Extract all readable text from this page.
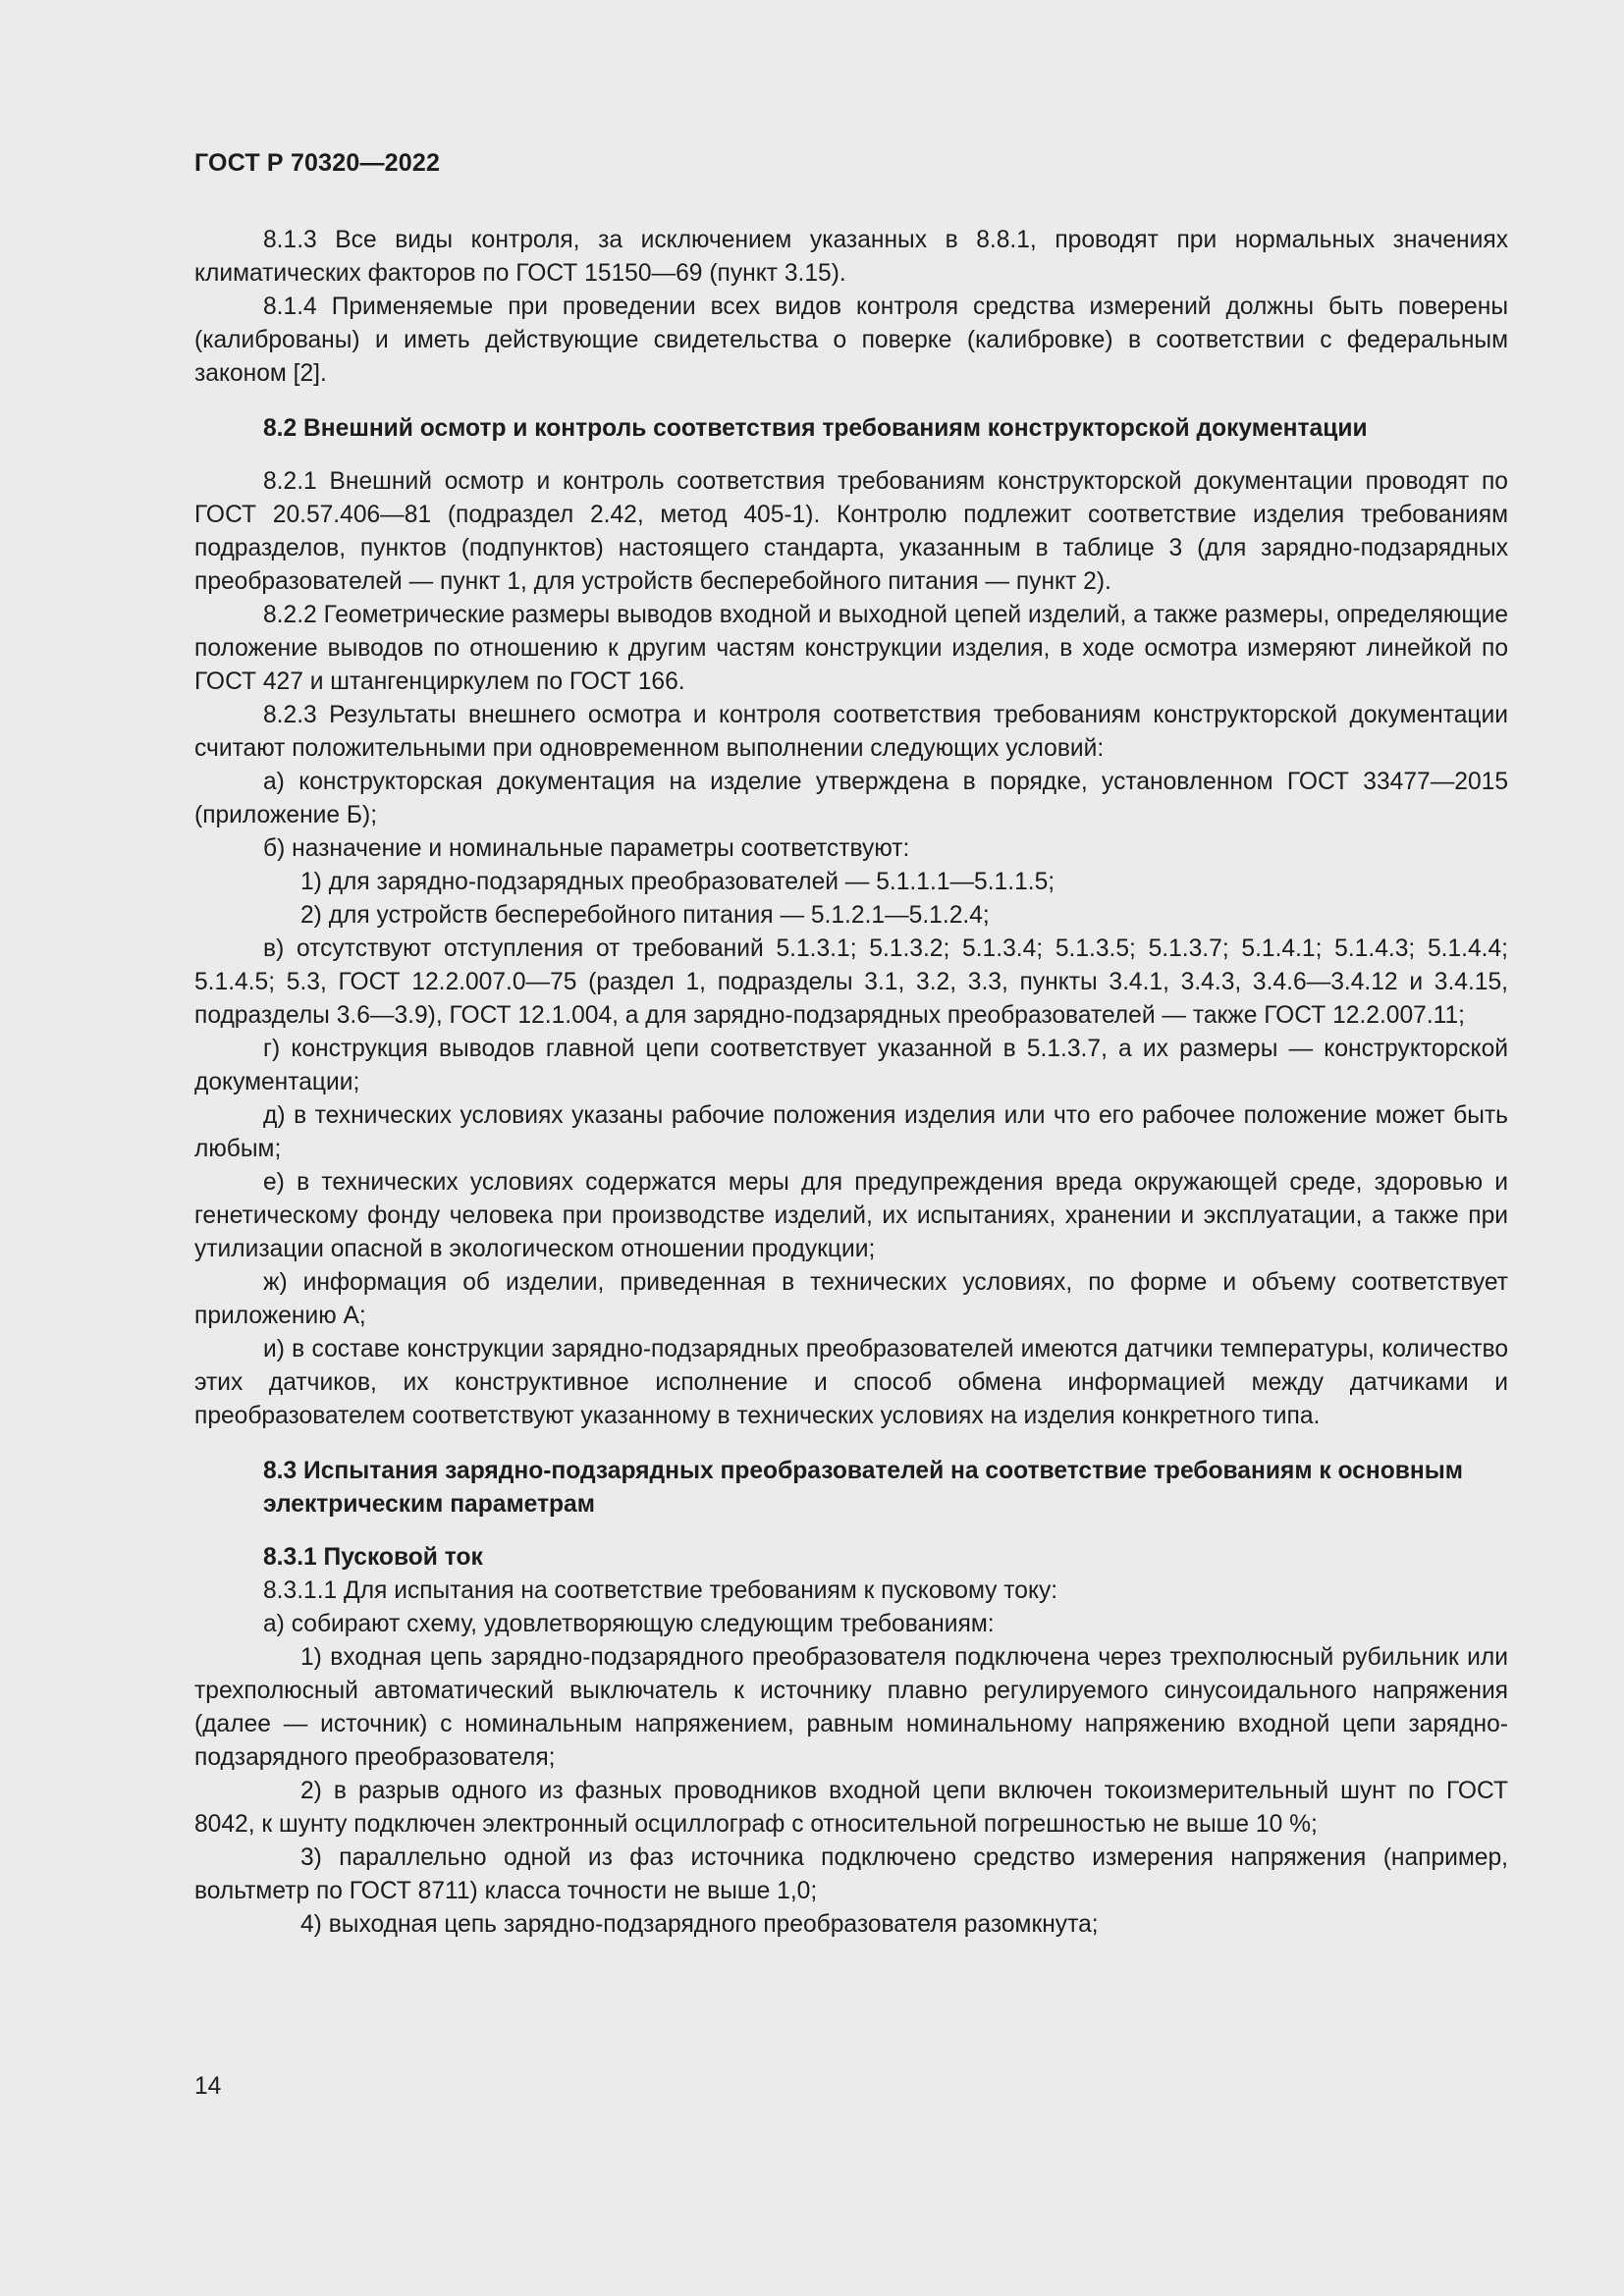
ГОСТ Р 70320—2022

8.1.3 Все виды контроля, за исключением указанных в 8.8.1, проводят при нормальных значениях климатических факторов по ГОСТ 15150—69 (пункт 3.15).

8.1.4 Применяемые при проведении всех видов контроля средства измерений должны быть поверены (калиброваны) и иметь действующие свидетельства о поверке (калибровке) в соответствии с федеральным законом [2].

8.2 Внешний осмотр и контроль соответствия требованиям конструкторской документации

8.2.1 Внешний осмотр и контроль соответствия требованиям конструкторской документации проводят по ГОСТ 20.57.406—81 (подраздел 2.42, метод 405-1). Контролю подлежит соответствие изделия требованиям подразделов, пунктов (подпунктов) настоящего стандарта, указанным в таблице 3 (для зарядно-подзарядных преобразователей — пункт 1, для устройств бесперебойного питания — пункт 2).

8.2.2 Геометрические размеры выводов входной и выходной цепей изделий, а также размеры, определяющие положение выводов по отношению к другим частям конструкции изделия, в ходе осмотра измеряют линейкой по ГОСТ 427 и штангенциркулем по ГОСТ 166.

8.2.3 Результаты внешнего осмотра и контроля соответствия требованиям конструкторской документации считают положительными при одновременном выполнении следующих условий:

а) конструкторская документация на изделие утверждена в порядке, установленном ГОСТ 33477—2015 (приложение Б);

б) назначение и номинальные параметры соответствуют:

1) для зарядно-подзарядных преобразователей — 5.1.1.1—5.1.1.5;

2) для устройств бесперебойного питания — 5.1.2.1—5.1.2.4;

в) отсутствуют отступления от требований 5.1.3.1; 5.1.3.2; 5.1.3.4; 5.1.3.5; 5.1.3.7; 5.1.4.1; 5.1.4.3; 5.1.4.4; 5.1.4.5; 5.3, ГОСТ 12.2.007.0—75 (раздел 1, подразделы 3.1, 3.2, 3.3, пункты 3.4.1, 3.4.3, 3.4.6—3.4.12 и 3.4.15, подразделы 3.6—3.9), ГОСТ 12.1.004, а для зарядно-подзарядных преобразователей — также ГОСТ 12.2.007.11;

г) конструкция выводов главной цепи соответствует указанной в 5.1.3.7, а их размеры — конструкторской документации;

д) в технических условиях указаны рабочие положения изделия или что его рабочее положение может быть любым;

е) в технических условиях содержатся меры для предупреждения вреда окружающей среде, здоровью и генетическому фонду человека при производстве изделий, их испытаниях, хранении и эксплуатации, а также при утилизации опасной в экологическом отношении продукции;

ж) информация об изделии, приведенная в технических условиях, по форме и объему соответствует приложению А;

и) в составе конструкции зарядно-подзарядных преобразователей имеются датчики температуры, количество этих датчиков, их конструктивное исполнение и способ обмена информацией между датчиками и преобразователем соответствуют указанному в технических условиях на изделия конкретного типа.

8.3 Испытания зарядно-подзарядных преобразователей на соответствие требованиям к основным электрическим параметрам
8.3.1 Пусковой ток

8.3.1.1 Для испытания на соответствие требованиям к пусковому току:

а) собирают схему, удовлетворяющую следующим требованиям:

1) входная цепь зарядно-подзарядного преобразователя подключена через трехполюсный рубильник или трехполюсный автоматический выключатель к источнику плавно регулируемого синусоидального напряжения (далее — источник) с номинальным напряжением, равным номинальному напряжению входной цепи зарядно-подзарядного преобразователя;

2) в разрыв одного из фазных проводников входной цепи включен токоизмерительный шунт по ГОСТ 8042, к шунту подключен электронный осциллограф с относительной погрешностью не выше 10 %;

3) параллельно одной из фаз источника подключено средство измерения напряжения (например, вольтметр по ГОСТ 8711) класса точности не выше 1,0;

4) выходная цепь зарядно-подзарядного преобразователя разомкнута;

14
